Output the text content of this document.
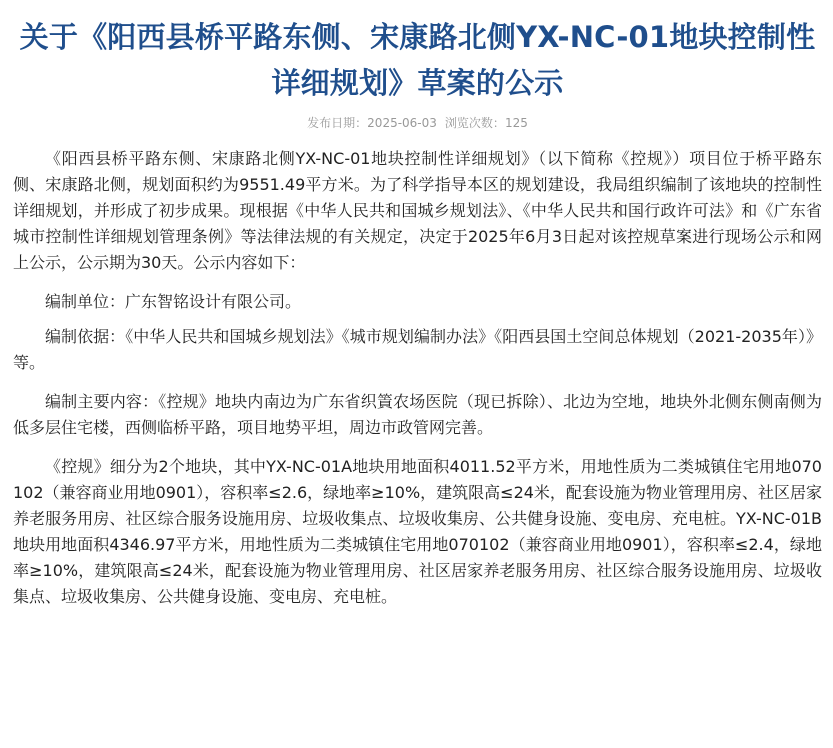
关于《阳西县桥平路东侧、宋康路北侧YX-NC-01地块控制性详细规划》草案的公示
发布日期：2025-06-03 浏览次数：125

《阳西县桥平路东侧、宋康路北侧YX-NC-01地块控制性详细规划》（以下简称《控规》）项目位于桥平路东侧、宋康路北侧，规划面积约为9551.49平方米。为了科学指导本区的规划建设，我局组织编制了该地块的控制性详细规划，并形成了初步成果。现根据《中华人民共和国城乡规划法》、《中华人民共和国行政许可法》和《广东省城市控制性详细规划管理条例》等法律法规的有关规定，决定于2025年6月3日起对该控规草案进行现场公示和网上公示，公示期为30天。公示内容如下：

编制单位：广东智铭设计有限公司。

编制依据：《中华人民共和国城乡规划法》《城市规划编制办法》《阳西县国土空间总体规划（2021-2035年）》等。

编制主要内容：《控规》地块内南边为广东省织篢农场医院（现已拆除）、北边为空地，地块外北侧东侧南侧为低多层住宅楼，西侧临桥平路，项目地势平坦，周边市政管网完善。

《控规》细分为2个地块，其中YX-NC-01A地块用地面积4011.52平方米，用地性质为二类城镇住宅用地070102（兼容商业用地0901），容积率≤2.6，绿地率≥10%，建筑限高≤24米，配套设施为物业管理用房、社区居家养老服务用房、社区综合服务设施用房、垃圾收集点、垃圾收集房、公共健身设施、变电房、充电桩。YX-NC-01B地块用地面积4346.97平方米，用地性质为二类城镇住宅用地070102（兼容商业用地0901），容积率≤2.4，绿地率≥10%，建筑限高≤24米，配套设施为物业管理用房、社区居家养老服务用房、社区综合服务设施用房、垃圾收集点、垃圾收集房、公共健身设施、变电房、充电桩。
